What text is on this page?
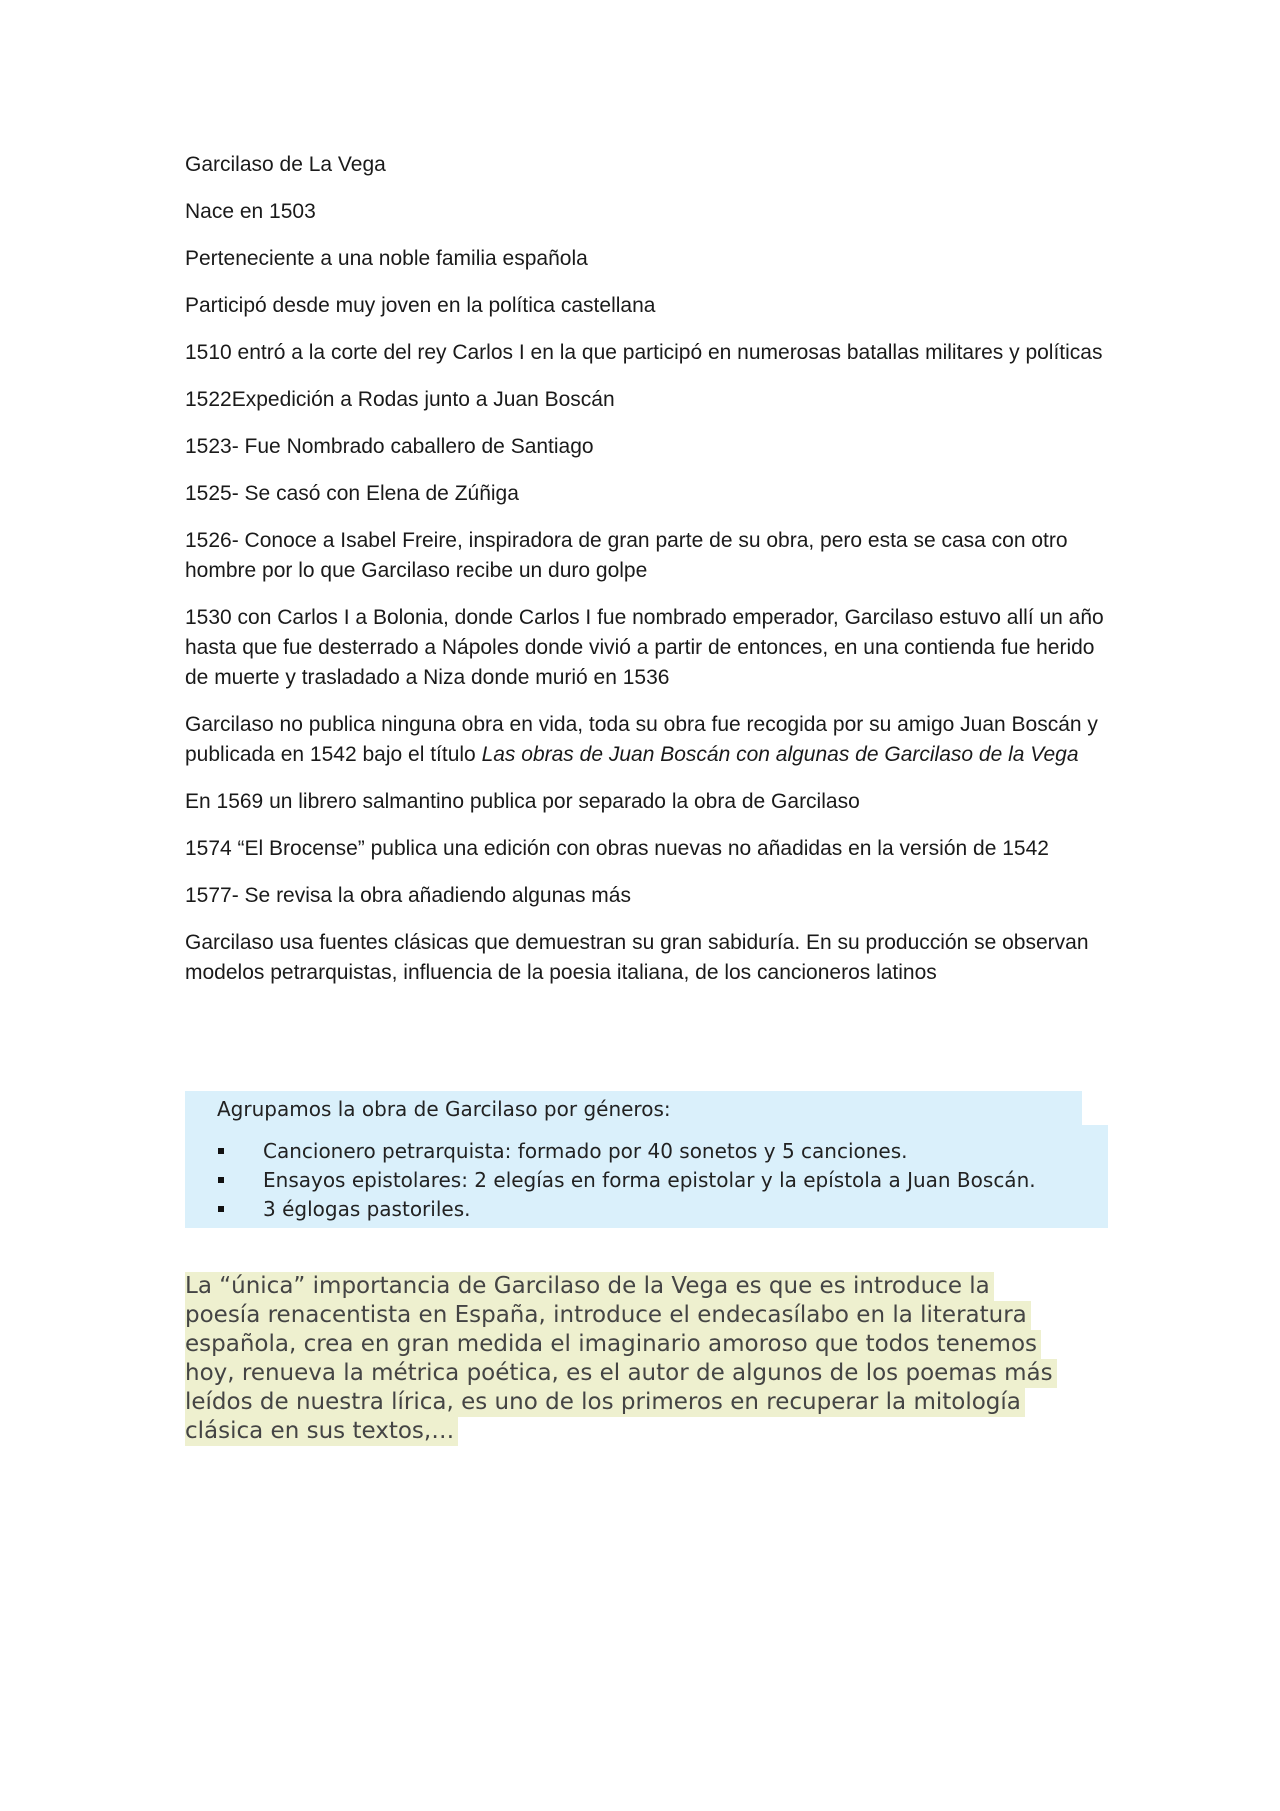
Garcilaso de La Vega

Nace en 1503

Perteneciente a una noble familia española

Participó desde muy joven en la política castellana

1510 entró a la corte del rey Carlos I en la que participó en numerosas batallas militares y políticas

1522Expedición a Rodas junto a Juan Boscán

1523- Fue Nombrado caballero de Santiago

1525- Se casó con Elena de Zúñiga

1526- Conoce a Isabel Freire, inspiradora de gran parte de su obra, pero esta se casa con otro hombre por lo que Garcilaso recibe un duro golpe

1530 con Carlos I a Bolonia, donde Carlos I fue nombrado emperador, Garcilaso estuvo allí un año hasta que fue desterrado a Nápoles donde vivió a partir de entonces, en una contienda fue herido de muerte y trasladado a Niza donde murió en 1536

Garcilaso no publica ninguna obra en vida, toda su obra fue recogida por su amigo Juan Boscán y publicada en 1542 bajo el título Las obras de Juan Boscán con algunas de Garcilaso de la Vega

En 1569 un librero salmantino publica por separado la obra de Garcilaso

1574 “El Brocense” publica una edición con obras nuevas no añadidas en la versión de 1542

1577- Se revisa la obra añadiendo algunas más

Garcilaso usa fuentes clásicas que demuestran su gran sabiduría. En su producción se observan modelos petrarquistas, influencia de la poesia italiana, de los cancioneros latinos

Agrupamos la obra de Garcilaso por géneros:
Cancionero petrarquista: formado por 40 sonetos y 5 canciones.
Ensayos epistolares: 2 elegías en forma epistolar y la epístola a Juan Boscán.
3 églogas pastoriles.
La “única” importancia de Garcilaso de la Vega es que es introduce la
poesía renacentista en España, introduce el endecasílabo en la literatura
española, crea en gran medida el imaginario amoroso que todos tenemos
hoy, renueva la métrica poética, es el autor de algunos de los poemas más
leídos de nuestra lírica, es uno de los primeros en recuperar la mitología
clásica en sus textos,…
